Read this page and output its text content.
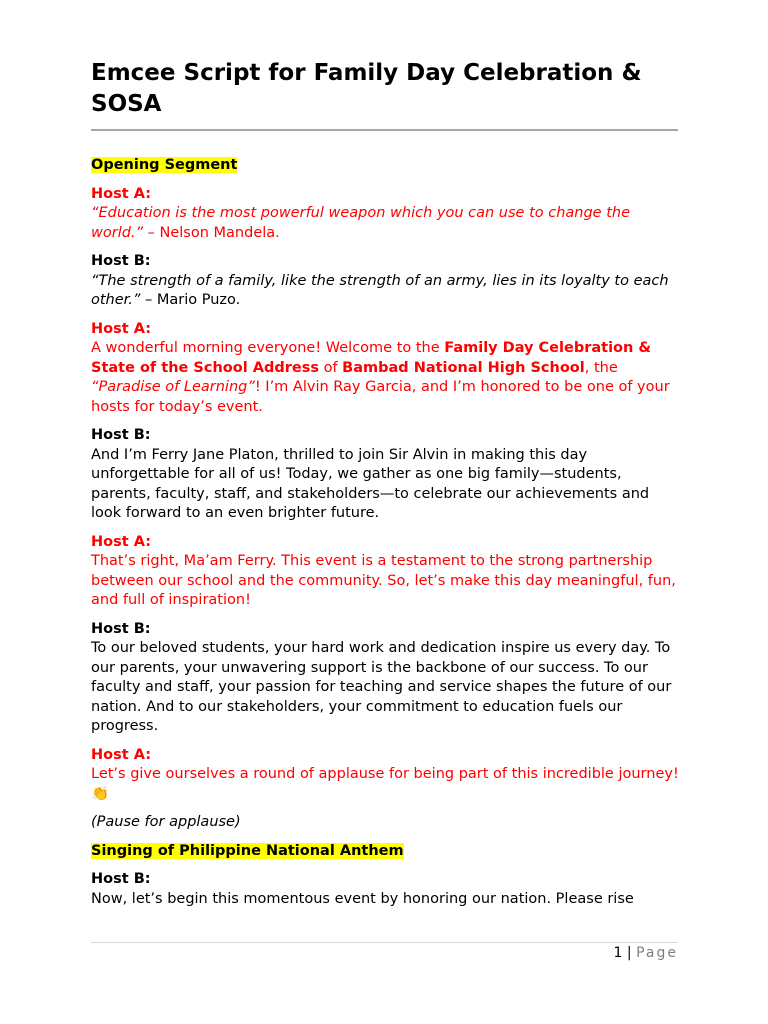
Emcee Script for Family Day Celebration & SOSA

Opening Segment

Host A:
“Education is the most powerful weapon which you can use to change the world.” – Nelson Mandela.

Host B:
“The strength of a family, like the strength of an army, lies in its loyalty to each other.” – Mario Puzo.

Host A:
A wonderful morning everyone! Welcome to the Family Day Celebration & State of the School Address of Bambad National High School, the “Paradise of Learning”! I’m Alvin Ray Garcia, and I’m honored to be one of your hosts for today’s event.

Host B:
And I’m Ferry Jane Platon, thrilled to join Sir Alvin in making this day unforgettable for all of us! Today, we gather as one big family—students, parents, faculty, staff, and stakeholders—to celebrate our achievements and look forward to an even brighter future.

Host A:
That’s right, Ma’am Ferry. This event is a testament to the strong partnership between our school and the community. So, let’s make this day meaningful, fun, and full of inspiration!

Host B:
To our beloved students, your hard work and dedication inspire us every day. To our parents, your unwavering support is the backbone of our success. To our faculty and staff, your passion for teaching and service shapes the future of our nation. And to our stakeholders, your commitment to education fuels our progress.

Host A:
Let’s give ourselves a round of applause for being part of this incredible journey! 👏

(Pause for applause)

Singing of Philippine National Anthem

Host B:
Now, let’s begin this momentous event by honoring our nation. Please rise

1 | Page
